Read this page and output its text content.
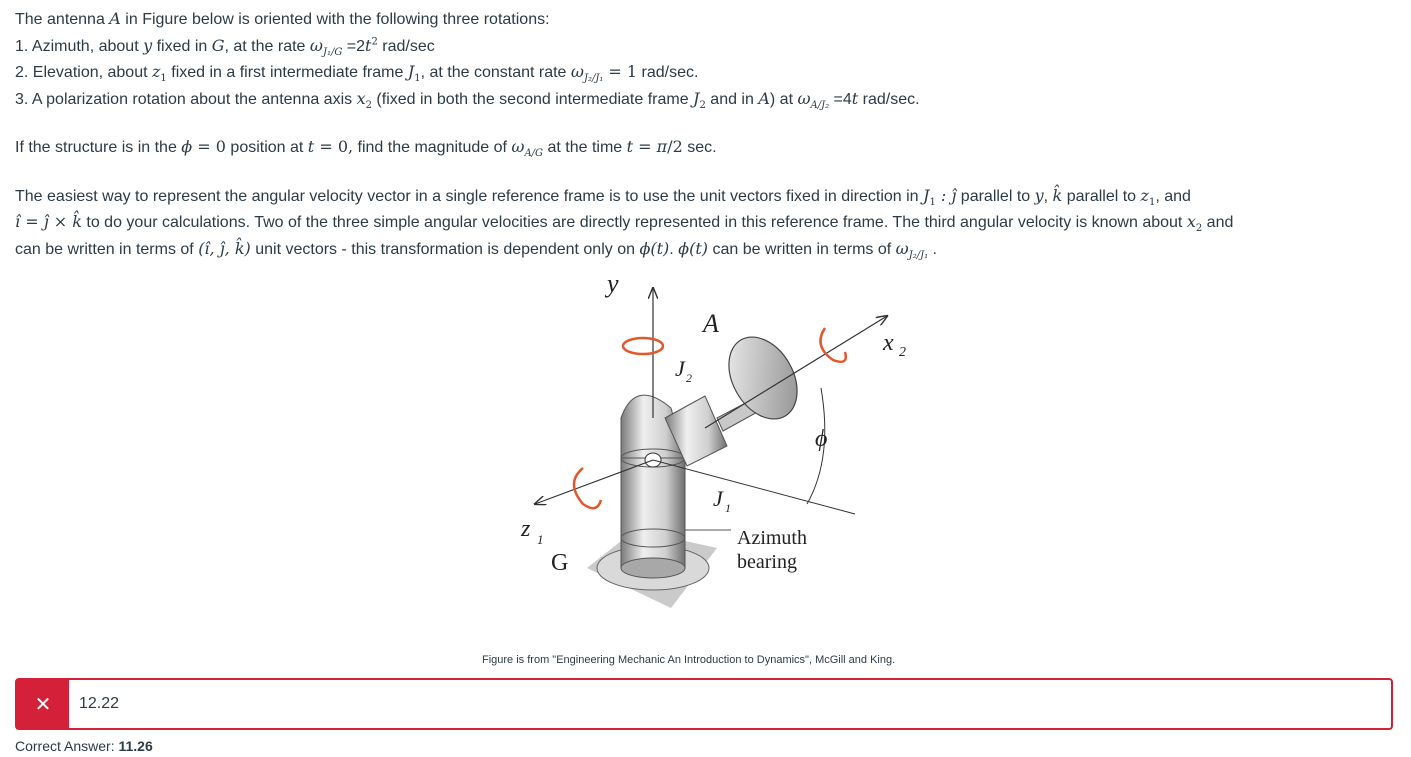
The antenna A in Figure below is oriented with the following three rotations:

1. Azimuth, about y fixed in G, at the rate $\omega_{J_1/G} =2t^2$ rad/sec

2. Elevation, about $z_1$ fixed in a first intermediate frame $J_1$, at the constant rate $\omega_{J_2/J_1} = 1$ rad/sec.

3. A polarization rotation about the antenna axis $x_2$ (fixed in both the second intermediate frame $J_2$ and in A) at $\omega_{A/J_2} =4t$ rad/sec.

If the structure is in the ϕ = 0 position at t = 0, find the magnitude of $\omega_{A/G}$ at the time t = π/2 sec.

The easiest way to represent the angular velocity vector in a single reference frame is to use the unit vectors fixed in direction in $J_1$ : ĵ parallel to y, k̂ parallel to $z_1$, and
î = ĵ × k̂ to do your calculations. Two of the three simple angular velocities are directly represented in this reference frame. The third angular velocity is known about $x_2$ and
can be written in terms of (î, ĵ, k̂) unit vectors - this transformation is dependent only on ϕ(t). ϕ(t) can be written in terms of $\omega_{J_2/J_1}$ .

y
A
x 2
J 2
ϕ
J 1
z 1
G
Azimuth
bearing
Figure is from "Engineering Mechanic An Introduction to Dynamics", McGill and King.
✕	12.22
Correct Answer: 11.26
